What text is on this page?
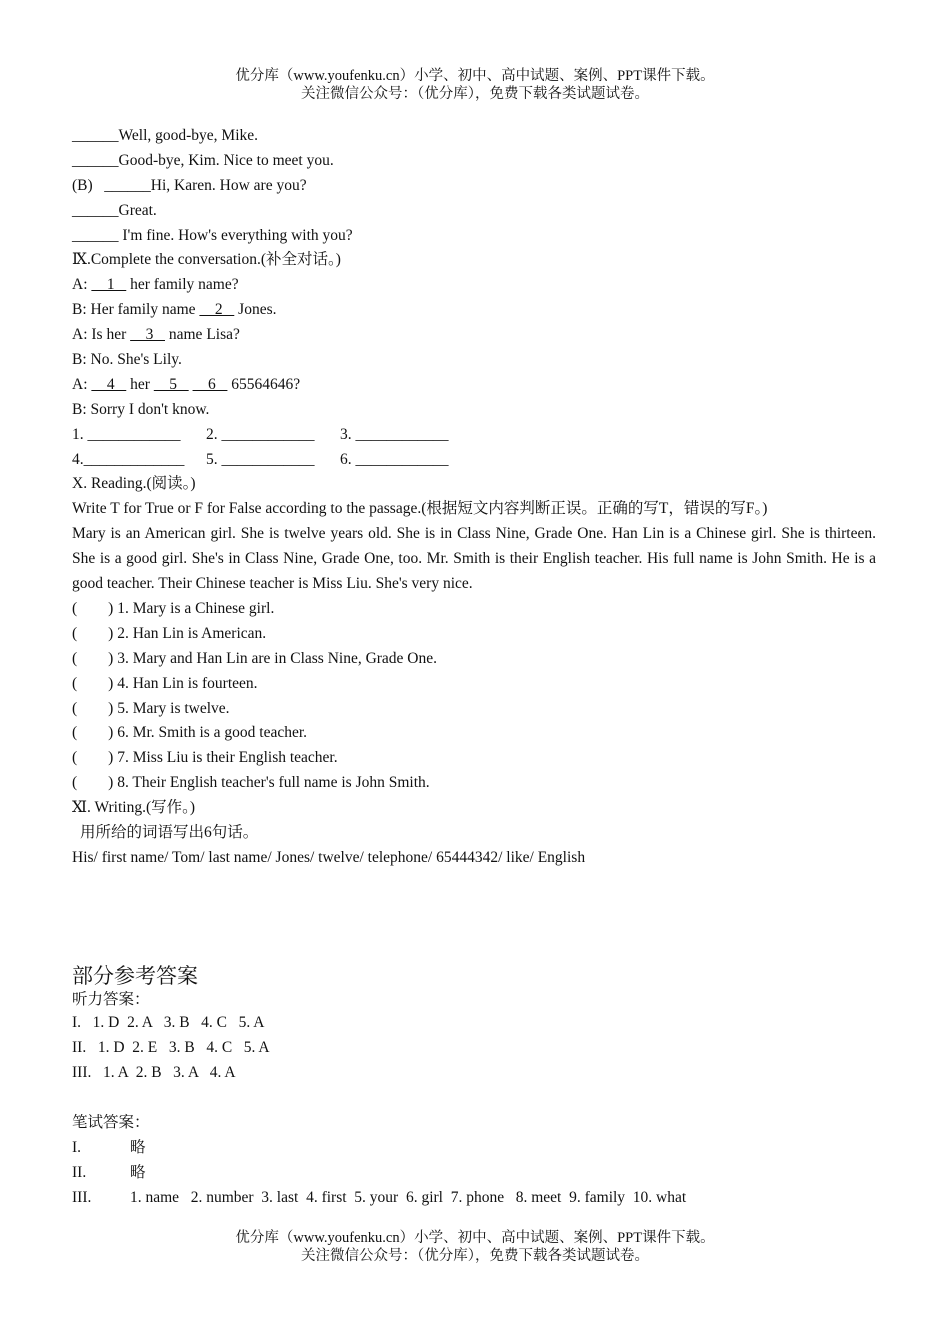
优分库（www.youfenku.cn）小学、初中、高中试题、案例、PPT课件下载。
关注微信公众号：（优分库），免费下载各类试题试卷。
______Well, good-bye, Mike.
______Good-bye, Kim. Nice to meet you.
(B) ______Hi, Karen. How are you?
______Great.
______ I'm fine. How's everything with you?
Ⅸ.Complete the conversation.(补全对话。)
A:     1    her family name?
B: Her family name     2    Jones.
A: Is her     3    name Lisa?
B: No. She's Lily.
A:     4    her     5        6    65564646?
B: Sorry I don't know.
1. ____________ 2. ____________ 3. ____________
4._____________ 5. ____________ 6. ____________
X. Reading.(阅读。)
Write T for True or F for False according to the passage.(根据短文内容判断正误。正确的写T，错误的写F。)
Mary is an American girl. She is twelve years old. She is in Class Nine, Grade One. Han Lin is a Chinese girl. She is thirteen. She is a good girl. She's in Class Nine, Grade One, too. Mr. Smith is their English teacher. His full name is John Smith. He is a good teacher. Their Chinese teacher is Miss Liu. She's very nice.
(        ) 1. Mary is a Chinese girl.
(        ) 2. Han Lin is American.
(        ) 3. Mary and Han Lin are in Class Nine, Grade One.
(        ) 4. Han Lin is fourteen.
(        ) 5. Mary is twelve.
(        ) 6. Mr. Smith is a good teacher.
(        ) 7. Miss Liu is their English teacher.
(        ) 8. Their English teacher's full name is John Smith.
Ⅺ. Writing.(写作。)
用所给的词语写出6句话。
His/ first name/ Tom/ last name/ Jones/ twelve/ telephone/ 65444342/ like/ English
部分参考答案
听力答案：
I.   1. D  2. A   3. B   4. C   5. A
II.   1. D  2. E   3. B   4. C   5. A
III.   1. A  2. B   3. A   4. A
笔试答案：
I.	略
II.	略
III. 1. name   2. number  3. last  4. first  5. your  6. girl  7. phone   8. meet  9. family  10. what
优分库（www.youfenku.cn）小学、初中、高中试题、案例、PPT课件下载。
关注微信公众号：（优分库），免费下载各类试题试卷。
